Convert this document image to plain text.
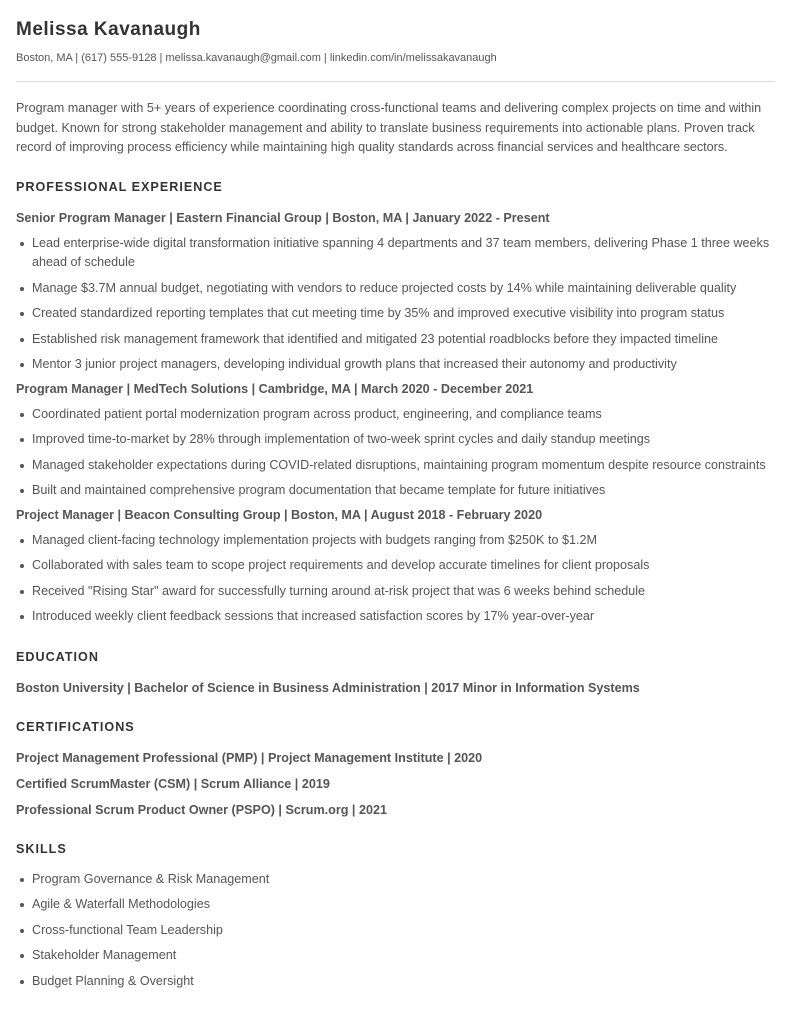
Melissa Kavanaugh
Boston, MA | (617) 555-9128 | melissa.kavanaugh@gmail.com | linkedin.com/in/melissakavanaugh

Program manager with 5+ years of experience coordinating cross-functional teams and delivering complex projects on time and within budget. Known for strong stakeholder management and ability to translate business requirements into actionable plans. Proven track record of improving process efficiency while maintaining high quality standards across financial services and healthcare sectors.

PROFESSIONAL EXPERIENCE
Senior Program Manager | Eastern Financial Group | Boston, MA | January 2022 - Present
Lead enterprise-wide digital transformation initiative spanning 4 departments and 37 team members, delivering Phase 1 three weeks ahead of schedule
Manage $3.7M annual budget, negotiating with vendors to reduce projected costs by 14% while maintaining deliverable quality
Created standardized reporting templates that cut meeting time by 35% and improved executive visibility into program status
Established risk management framework that identified and mitigated 23 potential roadblocks before they impacted timeline
Mentor 3 junior project managers, developing individual growth plans that increased their autonomy and productivity
Program Manager | MedTech Solutions | Cambridge, MA | March 2020 - December 2021
Coordinated patient portal modernization program across product, engineering, and compliance teams
Improved time-to-market by 28% through implementation of two-week sprint cycles and daily standup meetings
Managed stakeholder expectations during COVID-related disruptions, maintaining program momentum despite resource constraints
Built and maintained comprehensive program documentation that became template for future initiatives
Project Manager | Beacon Consulting Group | Boston, MA | August 2018 - February 2020
Managed client-facing technology implementation projects with budgets ranging from $250K to $1.2M
Collaborated with sales team to scope project requirements and develop accurate timelines for client proposals
Received "Rising Star" award for successfully turning around at-risk project that was 6 weeks behind schedule
Introduced weekly client feedback sessions that increased satisfaction scores by 17% year-over-year
EDUCATION
Boston University | Bachelor of Science in Business Administration | 2017 Minor in Information Systems
CERTIFICATIONS
Project Management Professional (PMP) | Project Management Institute | 2020
Certified ScrumMaster (CSM) | Scrum Alliance | 2019
Professional Scrum Product Owner (PSPO) | Scrum.org | 2021
SKILLS
Program Governance & Risk Management
Agile & Waterfall Methodologies
Cross-functional Team Leadership
Stakeholder Management
Budget Planning & Oversight
